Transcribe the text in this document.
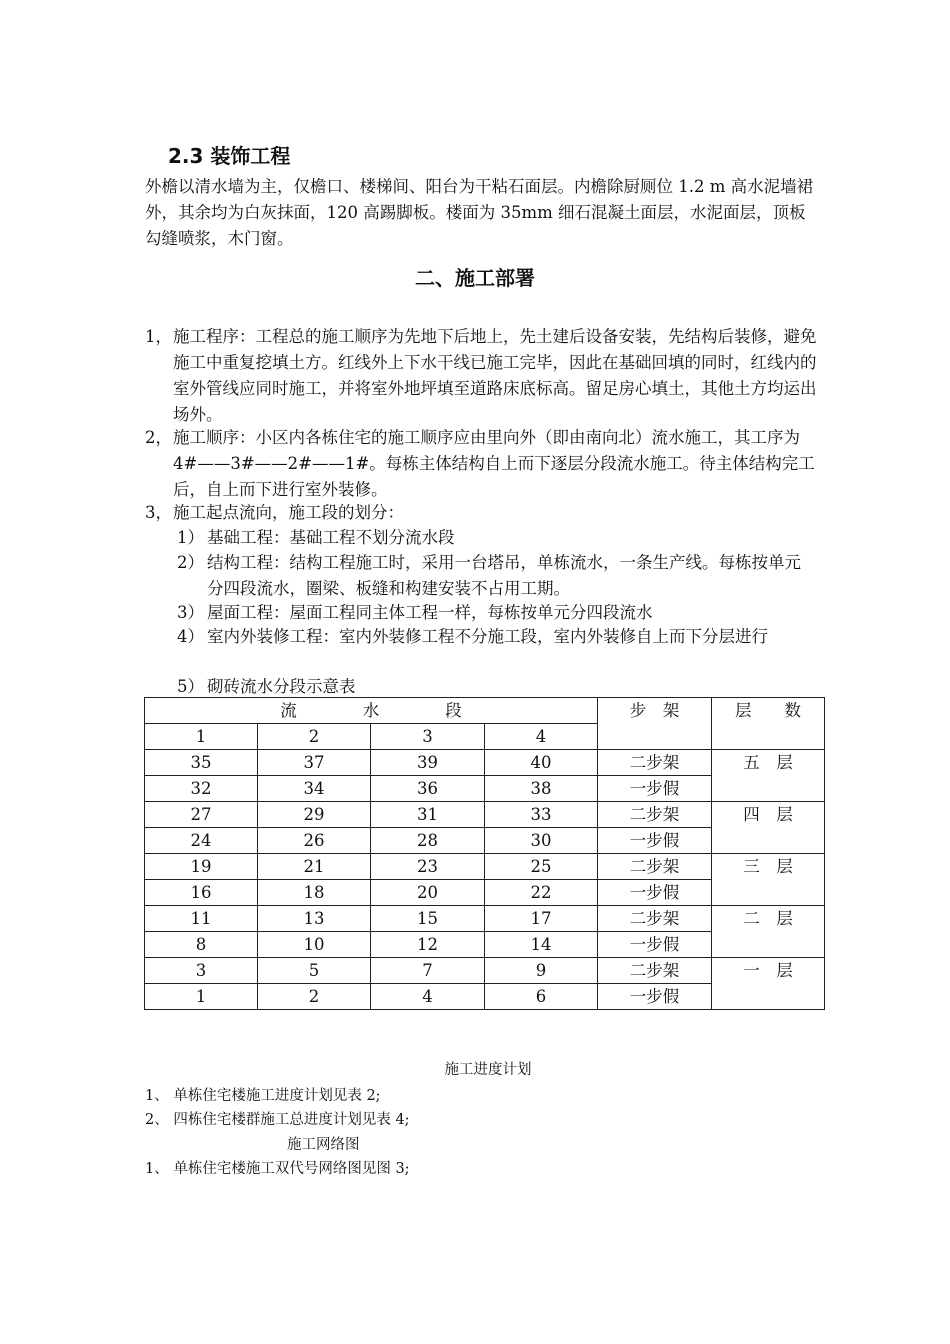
2.3 装饰工程

外檐以清水墙为主，仅檐口、楼梯间、阳台为干粘石面层。内檐除厨厕位 1.2 m 高水泥墙裙外，其余均为白灰抹面，120 高踢脚板。楼面为 35mm 细石混凝土面层，水泥面层，顶板勾缝喷浆，木门窗。

二、施工部署
1， 施工程序：工程总的施工顺序为先地下后地上，先土建后设备安装，先结构后装修，避免施工中重复挖填土方。红线外上下水干线已施工完毕，因此在基础回填的同时，红线内的室外管线应同时施工，并将室外地坪填至道路床底标高。留足房心填土，其他土方均运出场外。
2， 施工顺序：小区内各栋住宅的施工顺序应由里向外（即由南向北）流水施工，其工序为 4#——3#——2#——1#。每栋主体结构自上而下逐层分段流水施工。待主体结构完工后，自上而下进行室外装修。
3， 施工起点流向，施工段的划分：
1） 基础工程：基础工程不划分流水段
2） 结构工程：结构工程施工时，采用一台塔吊，单栋流水，一条生产线。每栋按单元分四段流水，圈梁、板缝和构建安装不占用工期。
3） 屋面工程：屋面工程同主体工程一样，每栋按单元分四段流水
4） 室内外装修工程：室内外装修工程不分施工段，室内外装修自上而下分层进行
5） 砌砖流水分段示意表
流　　　　水　　　　段				步　架	层　　数
1	2	3	4		
35	37	39	40	二步架	五　层
32	34	36	38	一步假	
27	29	31	33	二步架	四　层
24	26	28	30	一步假	
19	21	23	25	二步架	三　层
16	18	20	22	一步假	
11	13	15	17	二步架	二　层
8	10	12	14	一步假	
3	5	7	9	二步架	一　层
1	2	4	6	一步假	
施工进度计划
1、 单栋住宅楼施工进度计划见表 2;
2、 四栋住宅楼群施工总进度计划见表 4;
施工网络图
1、 单栋住宅楼施工双代号网络图见图 3;
